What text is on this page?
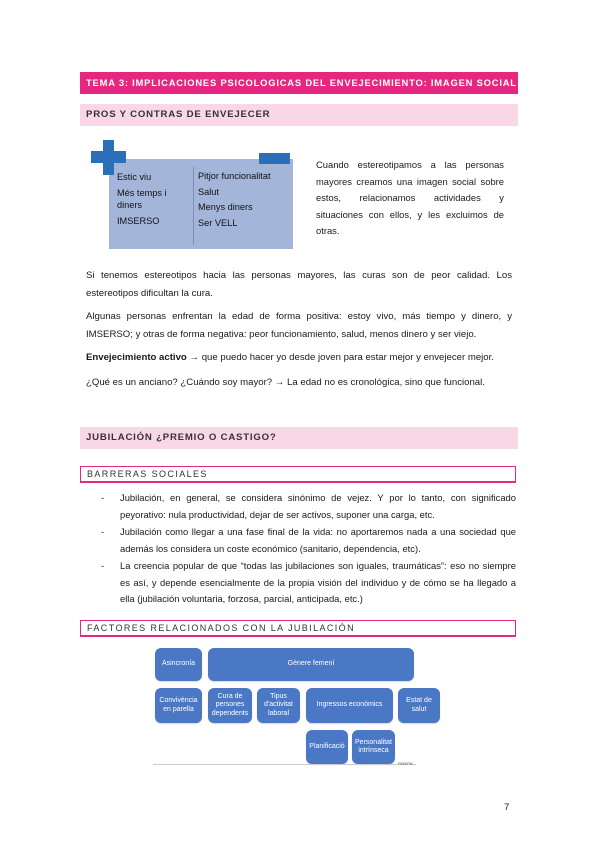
TEMA 3: IMPLICACIONES PSICOLOGICAS DEL ENVEJECIMIENTO: IMAGEN SOCIAL
PROS Y CONTRAS DE ENVEJECER
Estic viu
Més temps i diners
IMSERSO
Pitjor funcionalitat
Salut
Menys diners
Ser VELL

Cuando estereotipamos a las personas mayores creamos una imagen social sobre estos, relacionamos actividades y situaciones con ellos, y les excluimos de otras.

Si tenemos estereotipos hacia las personas mayores, las curas son de peor calidad. Los estereotipos dificultan la cura.

Algunas personas enfrentan la edad de forma positiva: estoy vivo, más tiempo y dinero, y IMSERSO; y otras de forma negativa: peor funcionamiento, salud, menos dinero y ser viejo.

Envejecimiento activo → que puedo hacer yo desde joven para estar mejor y envejecer mejor.

¿Qué es un anciano? ¿Cuándo soy mayor? → La edad no es cronológica, sino que funcional.

JUBILACIÓN ¿PREMIO O CASTIGO?
BARRERAS SOCIALES
- Jubilación, en general, se considera sinónimo de vejez. Y por lo tanto, con significado peyorativo: nula productividad, dejar de ser activos, suponer una carga, etc.
- Jubilación como llegar a una fase final de la vida: no aportaremos nada a una sociedad que además los considera un coste económico (sanitario, dependencia, etc).
- La creencia popular de que “todas las jubilaciones son iguales, traumáticas”: eso no siempre es así, y depende esencialmente de la propia visión del individuo y de cómo se ha llegado a ella (jubilación voluntaria, forzosa, parcial, anticipada, etc.)
FACTORES RELACIONADOS CON LA JUBILACIÓN
Asincronía	Gènere femení
Convivència en parella
Cura de persones dependents
Tipus d'activitat laboral
Ingressos econòmics
Estat de salut
Planificació
Personalitat intrínseca
FREEPIK
7
